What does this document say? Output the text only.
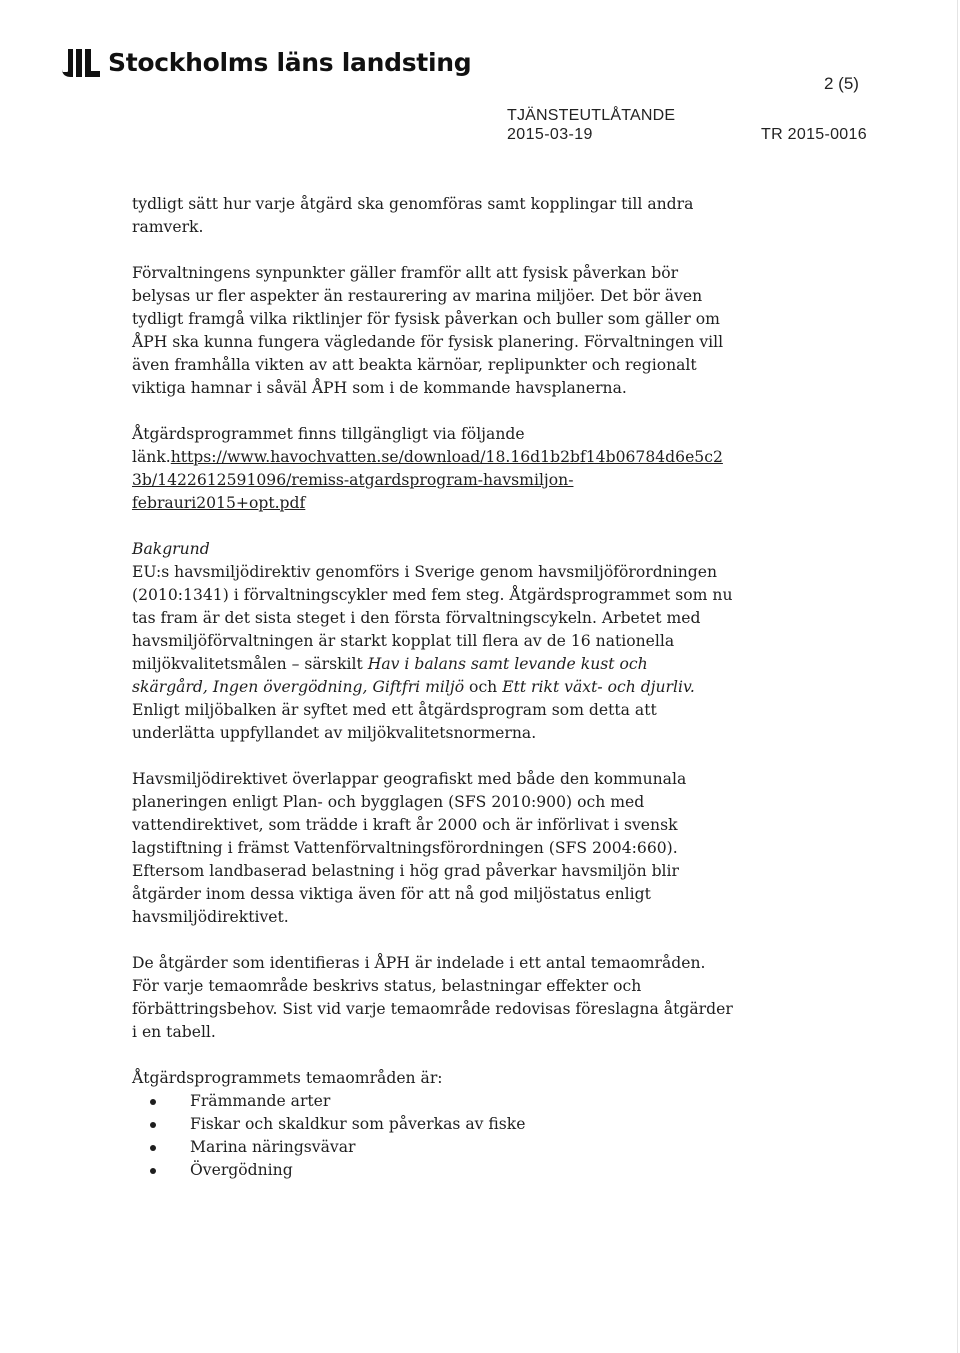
Stockholms läns landsting
2 (5)
TJÄNSTEUTLÅTANDE
2015-03-19	TR 2015-0016

tydligt sätt hur varje åtgärd ska genomföras samt kopplingar till andra
ramverk.

Förvaltningens synpunkter gäller framför allt att fysisk påverkan bör
belysas ur fler aspekter än restaurering av marina miljöer. Det bör även
tydligt framgå vilka riktlinjer för fysisk påverkan och buller som gäller om
ÅPH ska kunna fungera vägledande för fysisk planering. Förvaltningen vill
även framhålla vikten av att beakta kärnöar, replipunkter och regionalt
viktiga hamnar i såväl ÅPH som i de kommande havsplanerna.

Åtgärdsprogrammet finns tillgängligt via följande
länk.https://www.havochvatten.se/download/18.16d1b2bf14b06784d6e5c2
3b/1422612591096/remiss-atgardsprogram-havsmiljon-
febrauri2015+opt.pdf

Bakgrund
EU:s havsmiljödirektiv genomförs i Sverige genom havsmiljöförordningen
(2010:1341) i förvaltningscykler med fem steg. Åtgärdsprogrammet som nu
tas fram är det sista steget i den första förvaltningscykeln. Arbetet med
havsmiljöförvaltningen är starkt kopplat till flera av de 16 nationella
miljökvalitetsmålen – särskilt Hav i balans samt levande kust och
skärgård, Ingen övergödning, Giftfri miljö och Ett rikt växt- och djurliv.
Enligt miljöbalken är syftet med ett åtgärdsprogram som detta att
underlätta uppfyllandet av miljökvalitetsnormerna.

Havsmiljödirektivet överlappar geografiskt med både den kommunala
planeringen enligt Plan- och bygglagen (SFS 2010:900) och med
vattendirektivet, som trädde i kraft år 2000 och är införlivat i svensk
lagstiftning i främst Vattenförvaltningsförordningen (SFS 2004:660).
Eftersom landbaserad belastning i hög grad påverkar havsmiljön blir
åtgärder inom dessa viktiga även för att nå god miljöstatus enligt
havsmiljödirektivet.

De åtgärder som identifieras i ÅPH är indelade i ett antal temaområden.
För varje temaområde beskrivs status, belastningar effekter och
förbättringsbehov. Sist vid varje temaområde redovisas föreslagna åtgärder
i en tabell.

Åtgärdsprogrammets temaområden är:
Främmande arter
Fiskar och skaldkur som påverkas av fiske
Marina näringsvävar
Övergödning
